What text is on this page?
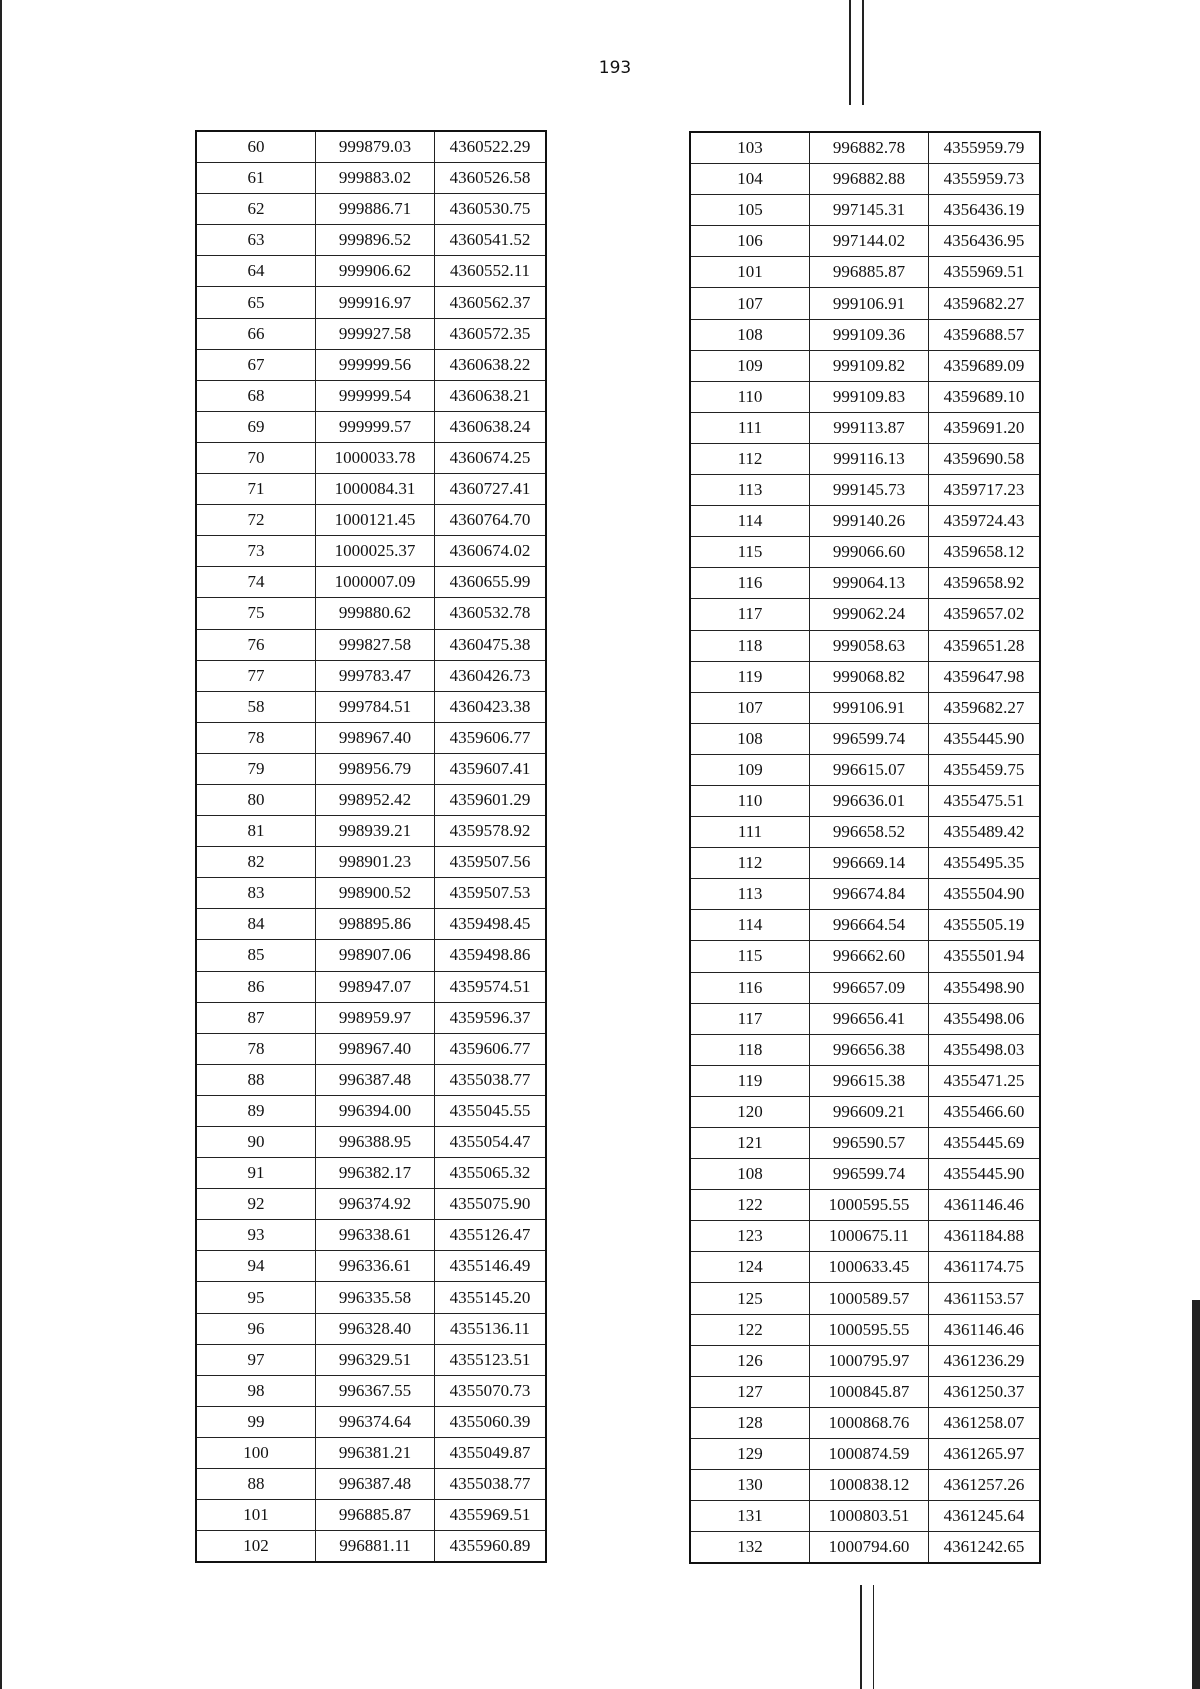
193
60	999879.03	4360522.29
61	999883.02	4360526.58
62	999886.71	4360530.75
63	999896.52	4360541.52
64	999906.62	4360552.11
65	999916.97	4360562.37
66	999927.58	4360572.35
67	999999.56	4360638.22
68	999999.54	4360638.21
69	999999.57	4360638.24
70	1000033.78	4360674.25
71	1000084.31	4360727.41
72	1000121.45	4360764.70
73	1000025.37	4360674.02
74	1000007.09	4360655.99
75	999880.62	4360532.78
76	999827.58	4360475.38
77	999783.47	4360426.73
58	999784.51	4360423.38
78	998967.40	4359606.77
79	998956.79	4359607.41
80	998952.42	4359601.29
81	998939.21	4359578.92
82	998901.23	4359507.56
83	998900.52	4359507.53
84	998895.86	4359498.45
85	998907.06	4359498.86
86	998947.07	4359574.51
87	998959.97	4359596.37
78	998967.40	4359606.77
88	996387.48	4355038.77
89	996394.00	4355045.55
90	996388.95	4355054.47
91	996382.17	4355065.32
92	996374.92	4355075.90
93	996338.61	4355126.47
94	996336.61	4355146.49
95	996335.58	4355145.20
96	996328.40	4355136.11
97	996329.51	4355123.51
98	996367.55	4355070.73
99	996374.64	4355060.39
100	996381.21	4355049.87
88	996387.48	4355038.77
101	996885.87	4355969.51
102	996881.11	4355960.89
103	996882.78	4355959.79
104	996882.88	4355959.73
105	997145.31	4356436.19
106	997144.02	4356436.95
101	996885.87	4355969.51
107	999106.91	4359682.27
108	999109.36	4359688.57
109	999109.82	4359689.09
110	999109.83	4359689.10
111	999113.87	4359691.20
112	999116.13	4359690.58
113	999145.73	4359717.23
114	999140.26	4359724.43
115	999066.60	4359658.12
116	999064.13	4359658.92
117	999062.24	4359657.02
118	999058.63	4359651.28
119	999068.82	4359647.98
107	999106.91	4359682.27
108	996599.74	4355445.90
109	996615.07	4355459.75
110	996636.01	4355475.51
111	996658.52	4355489.42
112	996669.14	4355495.35
113	996674.84	4355504.90
114	996664.54	4355505.19
115	996662.60	4355501.94
116	996657.09	4355498.90
117	996656.41	4355498.06
118	996656.38	4355498.03
119	996615.38	4355471.25
120	996609.21	4355466.60
121	996590.57	4355445.69
108	996599.74	4355445.90
122	1000595.55	4361146.46
123	1000675.11	4361184.88
124	1000633.45	4361174.75
125	1000589.57	4361153.57
122	1000595.55	4361146.46
126	1000795.97	4361236.29
127	1000845.87	4361250.37
128	1000868.76	4361258.07
129	1000874.59	4361265.97
130	1000838.12	4361257.26
131	1000803.51	4361245.64
132	1000794.60	4361242.65
